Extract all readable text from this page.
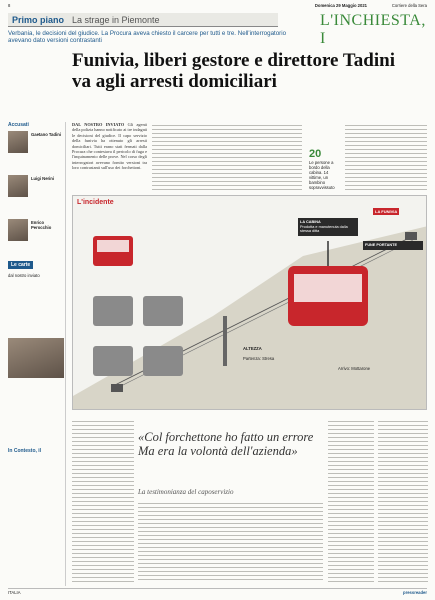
8	Domenica 29 Maggio 2021	Corriere della Sera
Primo piano La strage in Piemonte	L'INCHIESTA, I
Verbania, le decisioni del giudice. La Procura aveva chiesto il carcere per tutti e tre. Nell'interrogatorio avevano dato versioni contrastanti
Funivia, liberi gestore e direttore Tadini va agli arresti domiciliari
Accusati
Gaetano Tadini
Luigi Nerini
Enrico Perocchio
Le carte
dal nostro inviato
In Contesto, il
DAL NOSTRO INVIATO Gli agenti della polizia hanno notificato ai tre indagati le decisioni del giudice. Il capo servizio della funivia ha ottenuto gli arresti domiciliari. Tutti erano stati fermati dalla Procura che contestava il pericolo di fuga e l'inquinamento delle prove. Nel corso degli interrogatori avevano fornito versioni tra loro contrastanti sull'uso dei forchettoni.
20
Le persone a bordo della cabina. 14 vittime, un bambino sopravvissuto
L'incidente
LA FUNIVIA
LA CABINA
Prodotta e manutenuta dalla stessa ditta
FUNE PORTANTE
ALTEZZA
Partenza: Stresa
Arrivo: Mottarone
«Col forchettone ho fatto un errore Ma era la volontà dell'azienda»
La testimonianza del caposervizio
ITALIA	pressreader
